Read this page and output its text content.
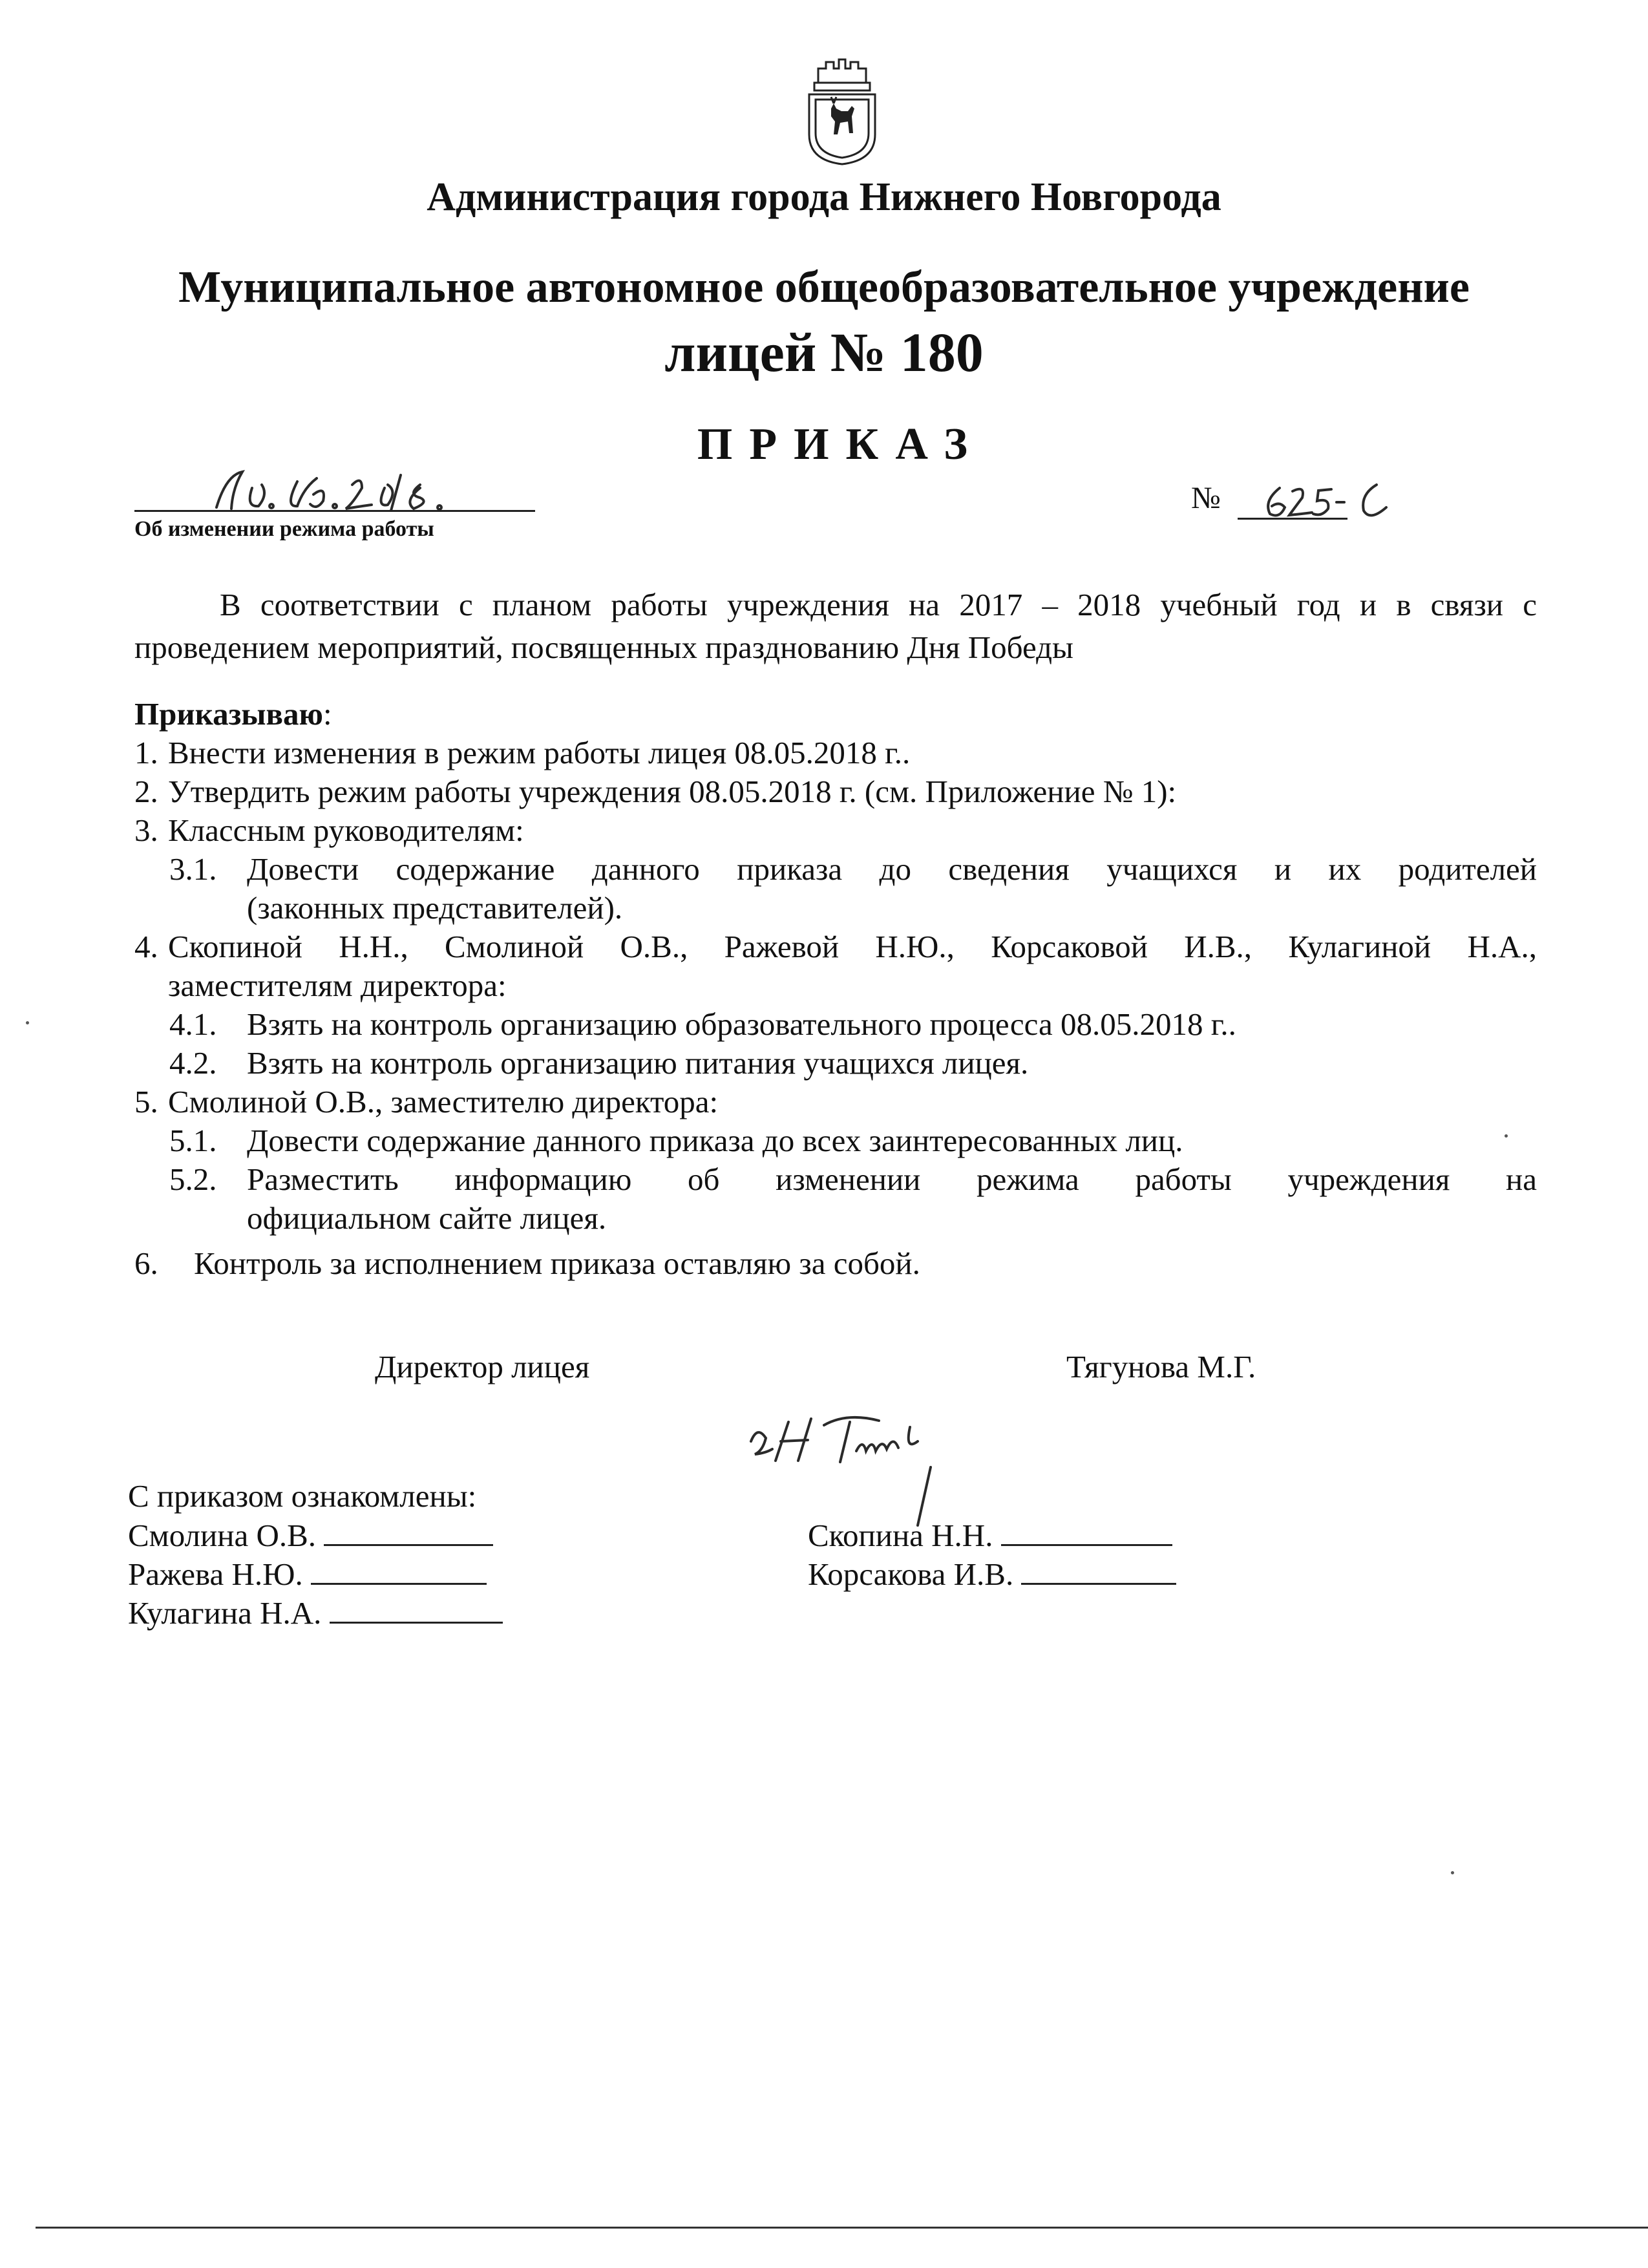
Администрация города Нижнего Новгорода
Муниципальное автономное общеобразовательное учреждение
лицей № 180
ПРИКАЗ
Об изменении режима работы
№
В соответствии с планом работы учреждения на 2017 – 2018 учебный год и в связи с проведением мероприятий, посвященных празднованию Дня Победы
Приказываю:
1. Внести изменения в режим работы лицея 08.05.2018 г..
2. Утвердить режим работы учреждения 08.05.2018 г. (см. Приложение № 1):
3. Классным руководителям:
3.1. Довести содержание данного приказа до сведения учащихся и их родителей
(законных представителей).
4. Скопиной Н.Н., Смолиной О.В., Ражевой Н.Ю., Корсаковой И.В., Кулагиной Н.А.,
заместителям директора:
4.1. Взять на контроль организацию образовательного процесса 08.05.2018 г..
4.2. Взять на контроль организацию питания учащихся лицея.
5. Смолиной О.В., заместителю директора:
5.1. Довести содержание данного приказа до всех заинтересованных лиц.
5.2. Разместить информацию об изменении режима работы учреждения на
официальном сайте лицея.
6. Контроль за исполнением приказа оставляю за собой.
Директор лицея	Тягунова М.Г.
С приказом ознакомлены:
Смолина О.В.
Ражева Н.Ю.
Кулагина Н.А.
Скопина Н.Н.
Корсакова И.В.
